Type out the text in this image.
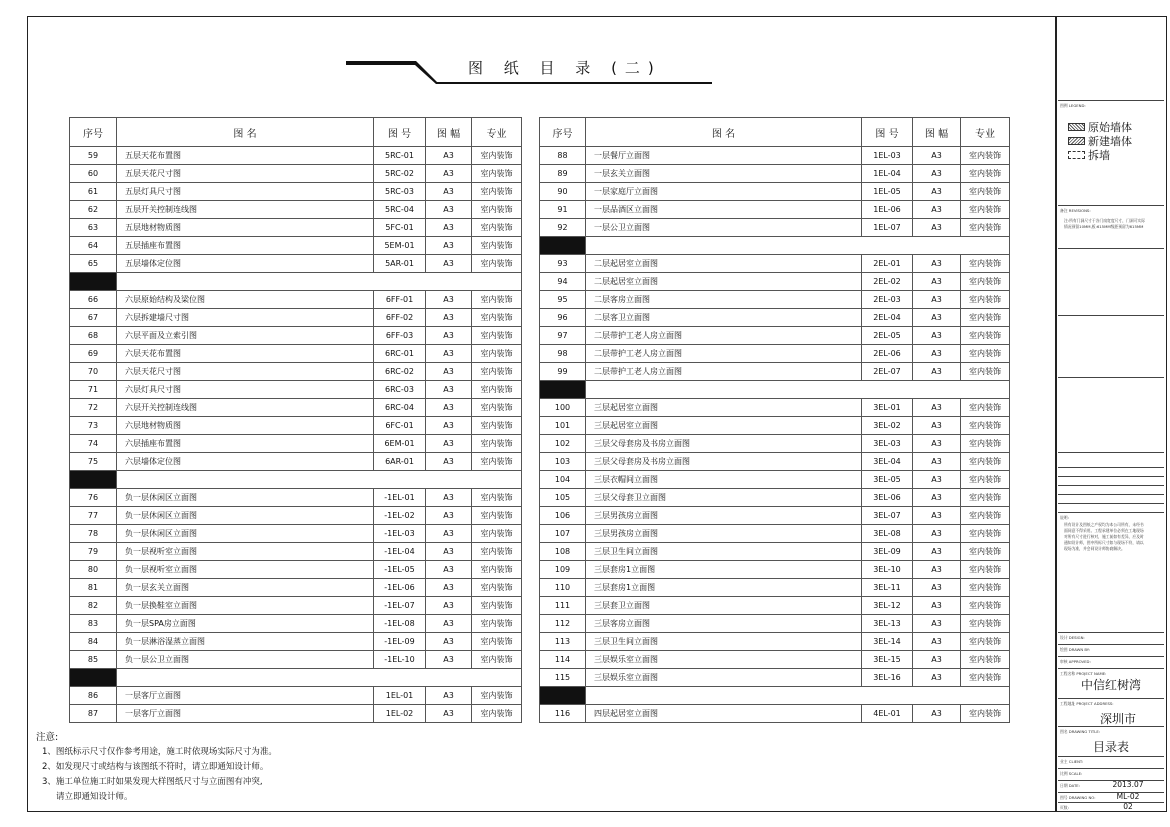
图 纸 目 录 (二)
序号	图 名	图 号	图 幅	专业
59	五层天花布置图	5RC-01	A3	室内装饰
60	五层天花尺寸图	5RC-02	A3	室内装饰
61	五层灯具尺寸图	5RC-03	A3	室内装饰
62	五层开关控制连线图	5RC-04	A3	室内装饰
63	五层地材物质图	5FC-01	A3	室内装饰
64	五层插座布置图	5EM-01	A3	室内装饰
65	五层墙体定位图	5AR-01	A3	室内装饰

66	六层原始结构及梁位图	6FF-01	A3	室内装饰
67	六层拆建墙尺寸图	6FF-02	A3	室内装饰
68	六层平面及立索引图	6FF-03	A3	室内装饰
69	六层天花布置图	6RC-01	A3	室内装饰
70	六层天花尺寸图	6RC-02	A3	室内装饰
71	六层灯具尺寸图	6RC-03	A3	室内装饰
72	六层开关控制连线图	6RC-04	A3	室内装饰
73	六层地材物质图	6FC-01	A3	室内装饰
74	六层插座布置图	6EM-01	A3	室内装饰
75	六层墙体定位图	6AR-01	A3	室内装饰

76	负一层休闲区立面图	-1EL-01	A3	室内装饰
77	负一层休闲区立面图	-1EL-02	A3	室内装饰
78	负一层休闲区立面图	-1EL-03	A3	室内装饰
79	负一层视听室立面图	-1EL-04	A3	室内装饰
80	负一层视听室立面图	-1EL-05	A3	室内装饰
81	负一层玄关立面图	-1EL-06	A3	室内装饰
82	负一层换鞋室立面图	-1EL-07	A3	室内装饰
83	负一层SPA房立面图	-1EL-08	A3	室内装饰
84	负一层淋浴湿蒸立面图	-1EL-09	A3	室内装饰
85	负一层公卫立面图	-1EL-10	A3	室内装饰

86	一层客厅立面图	1EL-01	A3	室内装饰
87	一层客厅立面图	1EL-02	A3	室内装饰
序号	图 名	图 号	图 幅	专业
88	一层餐厅立面图	1EL-03	A3	室内装饰
89	一层玄关立面图	1EL-04	A3	室内装饰
90	一层家庭厅立面图	1EL-05	A3	室内装饰
91	一层品酒区立面图	1EL-06	A3	室内装饰
92	一层公卫立面图	1EL-07	A3	室内装饰

93	二层起居室立面图	2EL-01	A3	室内装饰
94	二层起居室立面图	2EL-02	A3	室内装饰
95	二层客房立面图	2EL-03	A3	室内装饰
96	二层客卫立面图	2EL-04	A3	室内装饰
97	二层带护工老人房立面图	2EL-05	A3	室内装饰
98	二层带护工老人房立面图	2EL-06	A3	室内装饰
99	二层带护工老人房立面图	2EL-07	A3	室内装饰

100	三层起居室立面图	3EL-01	A3	室内装饰
101	三层起居室立面图	3EL-02	A3	室内装饰
102	三层父母套房及书房立面图	3EL-03	A3	室内装饰
103	三层父母套房及书房立面图	3EL-04	A3	室内装饰
104	三层衣帽间立面图	3EL-05	A3	室内装饰
105	三层父母套卫立面图	3EL-06	A3	室内装饰
106	三层男孩房立面图	3EL-07	A3	室内装饰
107	三层男孩房立面图	3EL-08	A3	室内装饰
108	三层卫生间立面图	3EL-09	A3	室内装饰
109	三层套房1立面图	3EL-10	A3	室内装饰
110	三层套房1立面图	3EL-11	A3	室内装饰
111	三层套卫立面图	3EL-12	A3	室内装饰
112	三层客房立面图	3EL-13	A3	室内装饰
113	三层卫生间立面图	3EL-14	A3	室内装饰
114	三层娱乐室立面图	3EL-15	A3	室内装饰
115	三层娱乐室立面图	3EL-16	A3	室内装饰

116	四层起居室立面图	4EL-01	A3	室内装饰
注意:
1、图纸标示尺寸仅作参考用途，施工时依现场实际尺寸为准。
2、如发现尺寸或结构与该图纸不符时，请立即通知设计师。
3、施工单位施工时如果发现大样图纸尺寸与立面图有冲突,
请立即通知设计师。
图例 LEGEND:
原始墙体
新建墙体
拆墙
备注 REVISIONS:
注:所有门洞尺寸于各门扇宽度尺寸，门洞可实际情况预留10MM,板:615MM级距预留为615MM
说明:
所有设计及图纸之产权均为本公司所有，未经书面同意不得采用。工程承建单位必须在工地现场对所有尺寸进行核对，施工前如有差异，应及时通知设计师，图中所标尺寸如与现场不符，请以现场为准，并会同设计师协商解决。
设计 DESIGN:
绘图 DRAWN BY:
审核 APPROVED:
工程名称 PROJECT NAME:
中信红树湾
工程地址 PROJECT ADDRESS:
深圳市
图名 DRAWING TITLE:
目录表
业主 CLIENT:
比例 SCALE:
日期 DATE:	2013.07
图号 DRAWING NO:	ML-02
页数:	02
